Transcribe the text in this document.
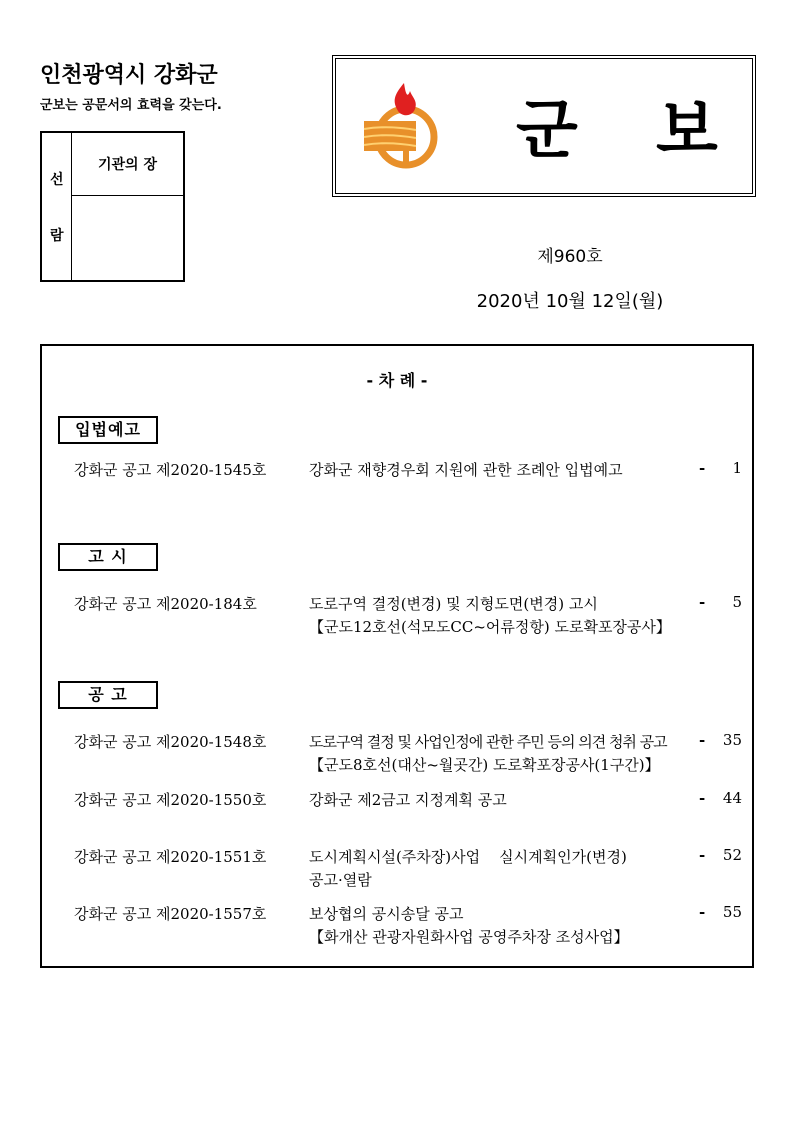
인천광역시 강화군
군보는 공문서의 효력을 갖는다.
선
람
기관의 장	군 보
제960호
2020년 10월 12일(월)
- 차 례 -
입법예고
강화군 공고 제2020-1545호	강화군 재향경우회 지원에 관한 조례안 입법예고	- 1
고 시
강화군 공고 제2020-184호	도로구역 결정(변경) 및 지형도면(변경) 고시
【군도12호선(석모도CC~어류정항) 도로확포장공사】
- 5
공 고
강화군 공고 제2020-1548호	도로구역 결정 및 사업인정에 관한 주민 등의 의견 청취 공고
【군도8호선(대산~월곳간) 도로확포장공사(1구간)】
- 35
강화군 공고 제2020-1550호	강화군 제2금고 지정계획 공고	- 44
강화군 공고 제2020-1551호	도시계획시설(주차장)사업    실시계획인가(변경)
공고·열람
- 52
강화군 공고 제2020-1557호	보상협의 공시송달 공고
【화개산 관광자원화사업 공영주차장 조성사업】
- 55
